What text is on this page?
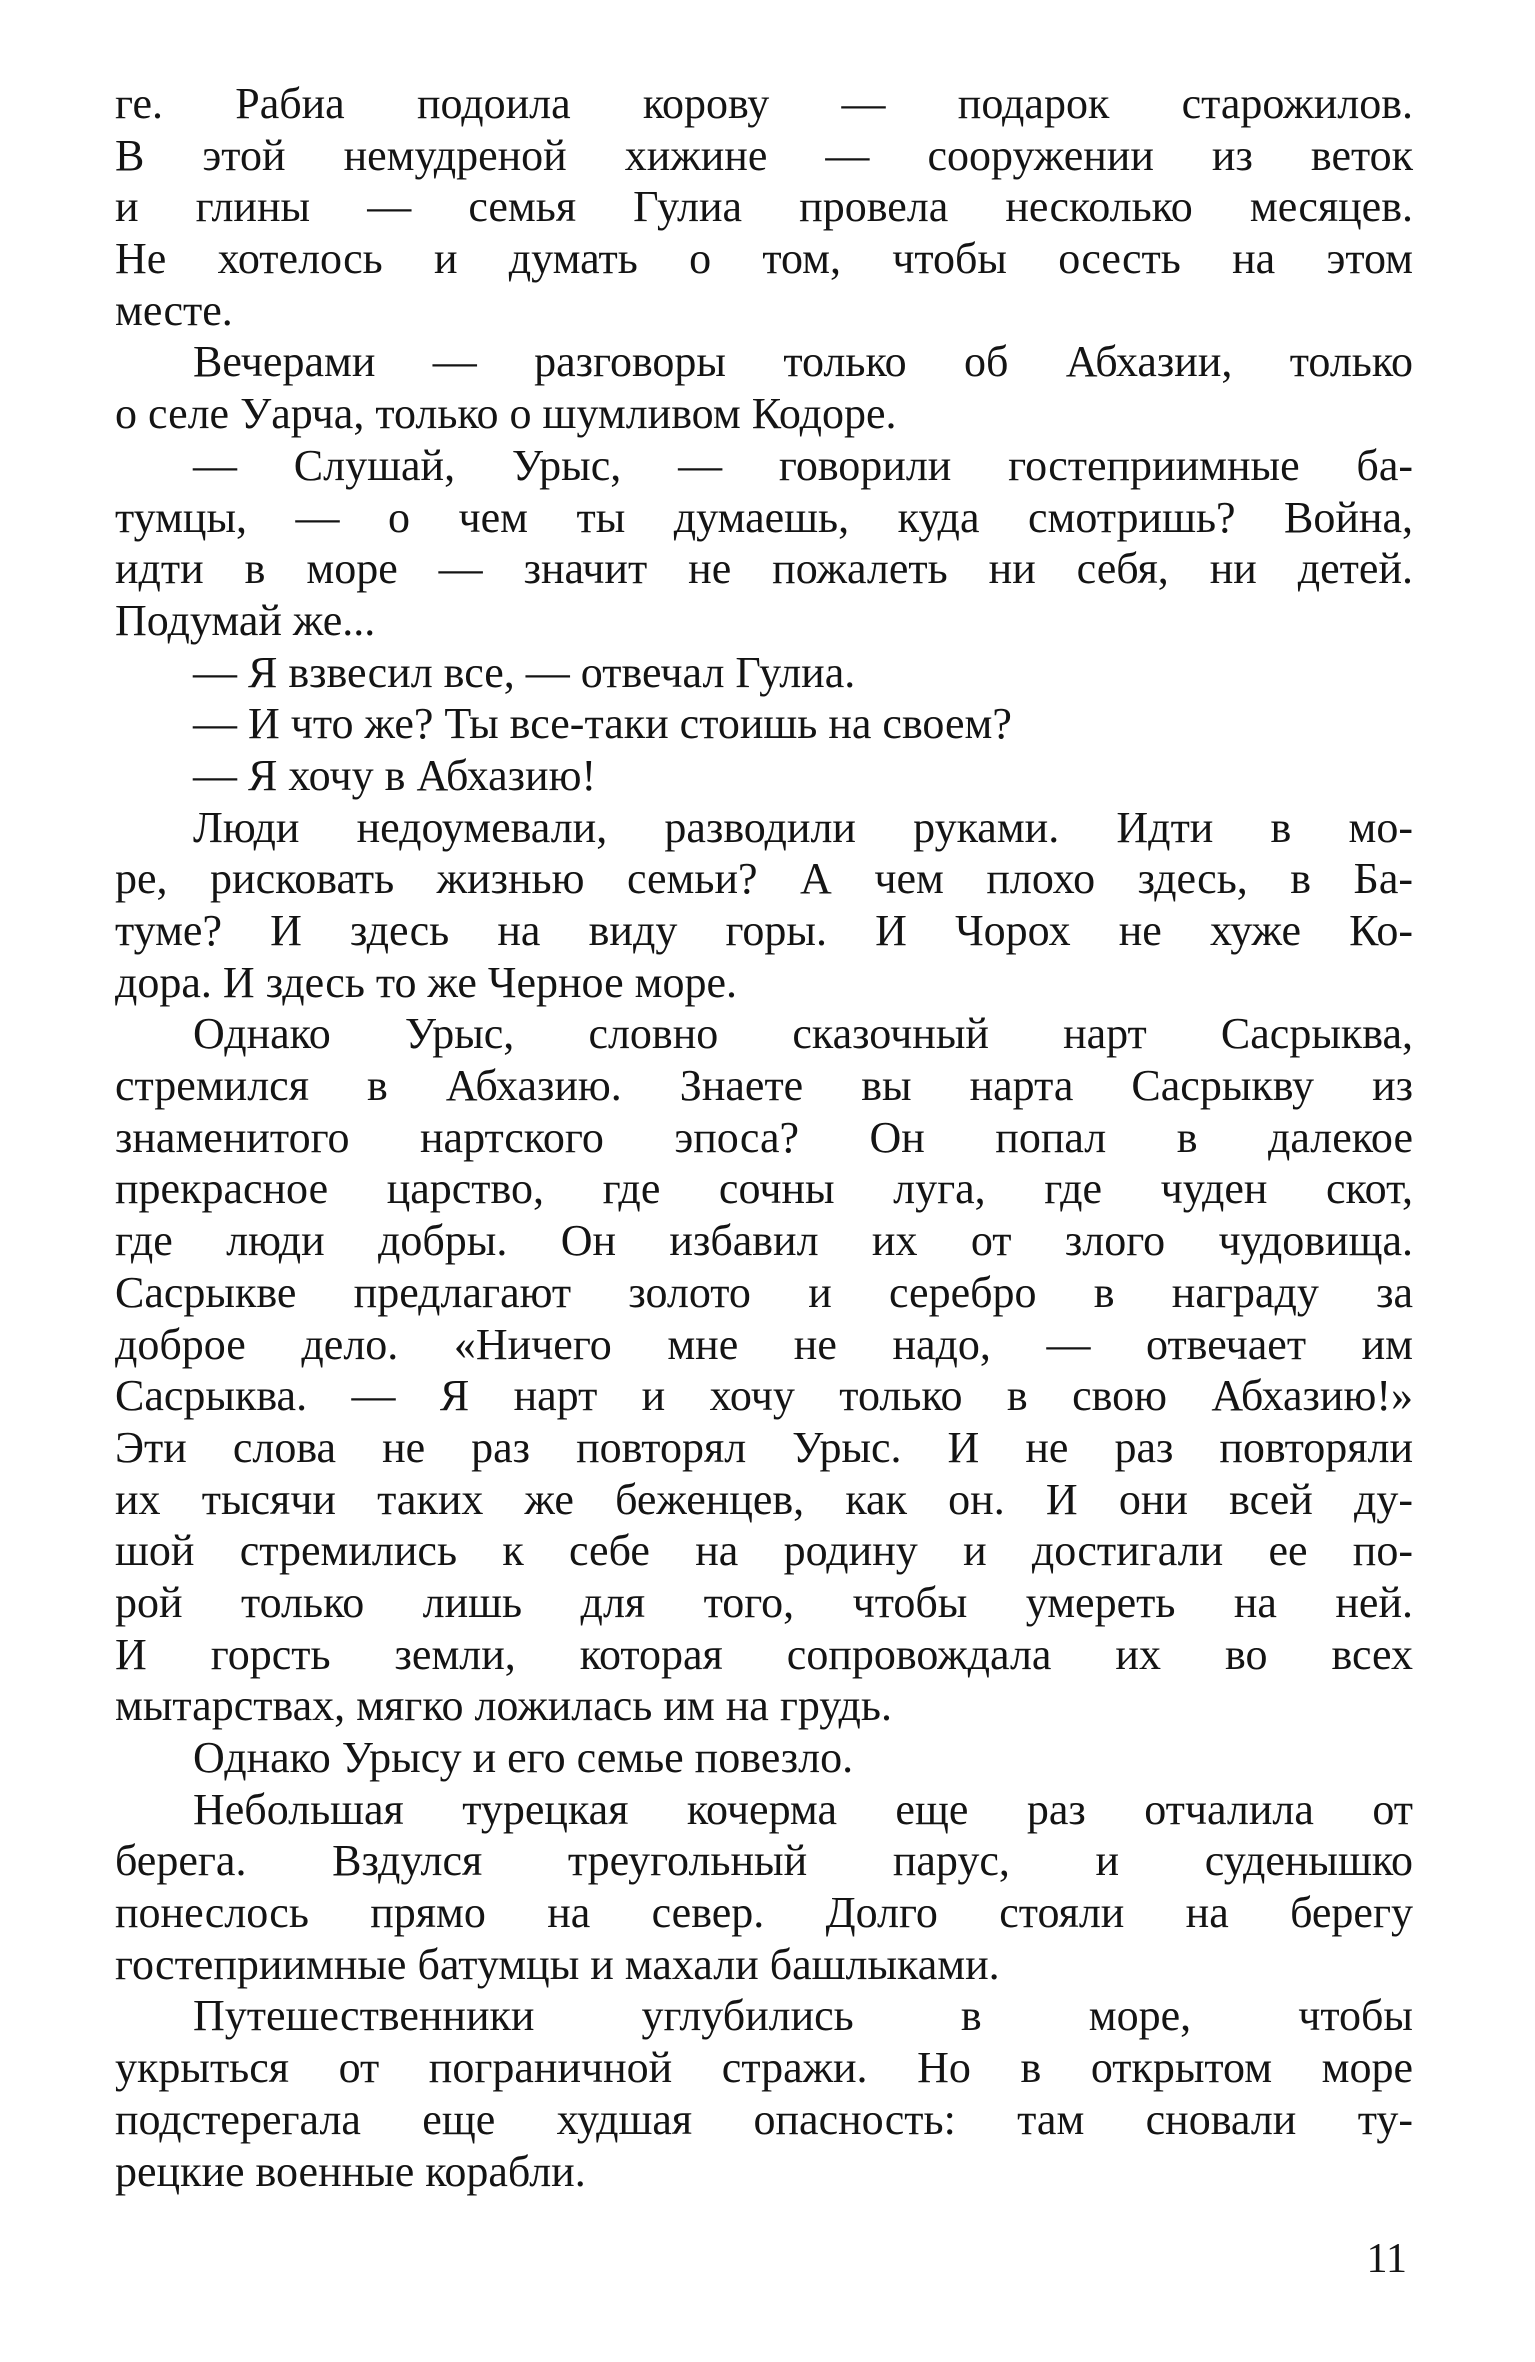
ге. Рабиа подоила корову — подарок старожилов.
В этой немудреной хижине — сооружении из веток
и глины — семья Гулиа провела несколько месяцев.
Не хотелось и думать о том, чтобы осесть на этом
месте.
Вечерами — разговоры только об Абхазии, только
о селе Уарча, только о шумливом Кодоре.
— Слушай, Урыс, — говорили гостеприимные ба-
тумцы, — о чем ты думаешь, куда смотришь? Война,
идти в море — значит не пожалеть ни себя, ни детей.
Подумай же...
— Я взвесил все, — отвечал Гулиа.
— И что же? Ты все-таки стоишь на своем?
— Я хочу в Абхазию!
Люди недоумевали, разводили руками. Идти в мо-
ре, рисковать жизнью семьи? А чем плохо здесь, в Ба-
туме? И здесь на виду горы. И Чорох не хуже Ко-
дора. И здесь то же Черное море.
Однако Урыс, словно сказочный нарт Сасрыква,
стремился в Абхазию. Знаете вы нарта Сасрыкву из
знаменитого нартского эпоса? Он попал в далекое
прекрасное царство, где сочны луга, где чуден скот,
где люди добры. Он избавил их от злого чудовища.
Сасрыкве предлагают золото и серебро в награду за
доброе дело. «Ничего мне не надо, — отвечает им
Сасрыква. — Я нарт и хочу только в свою Абхазию!»
Эти слова не раз повторял Урыс. И не раз повторяли
их тысячи таких же беженцев, как он. И они всей ду-
шой стремились к себе на родину и достигали ее по-
рой только лишь для того, чтобы умереть на ней.
И горсть земли, которая сопровождала их во всех
мытарствах, мягко ложилась им на грудь.
Однако Урысу и его семье повезло.
Небольшая турецкая кочерма еще раз отчалила от
берега. Вздулся треугольный парус, и суденышко
понеслось прямо на север. Долго стояли на берегу
гостеприимные батумцы и махали башлыками.
Путешественники углубились в море, чтобы
укрыться от пограничной стражи. Но в открытом море
подстерегала еще худшая опасность: там сновали ту-
рецкие военные корабли.
11
